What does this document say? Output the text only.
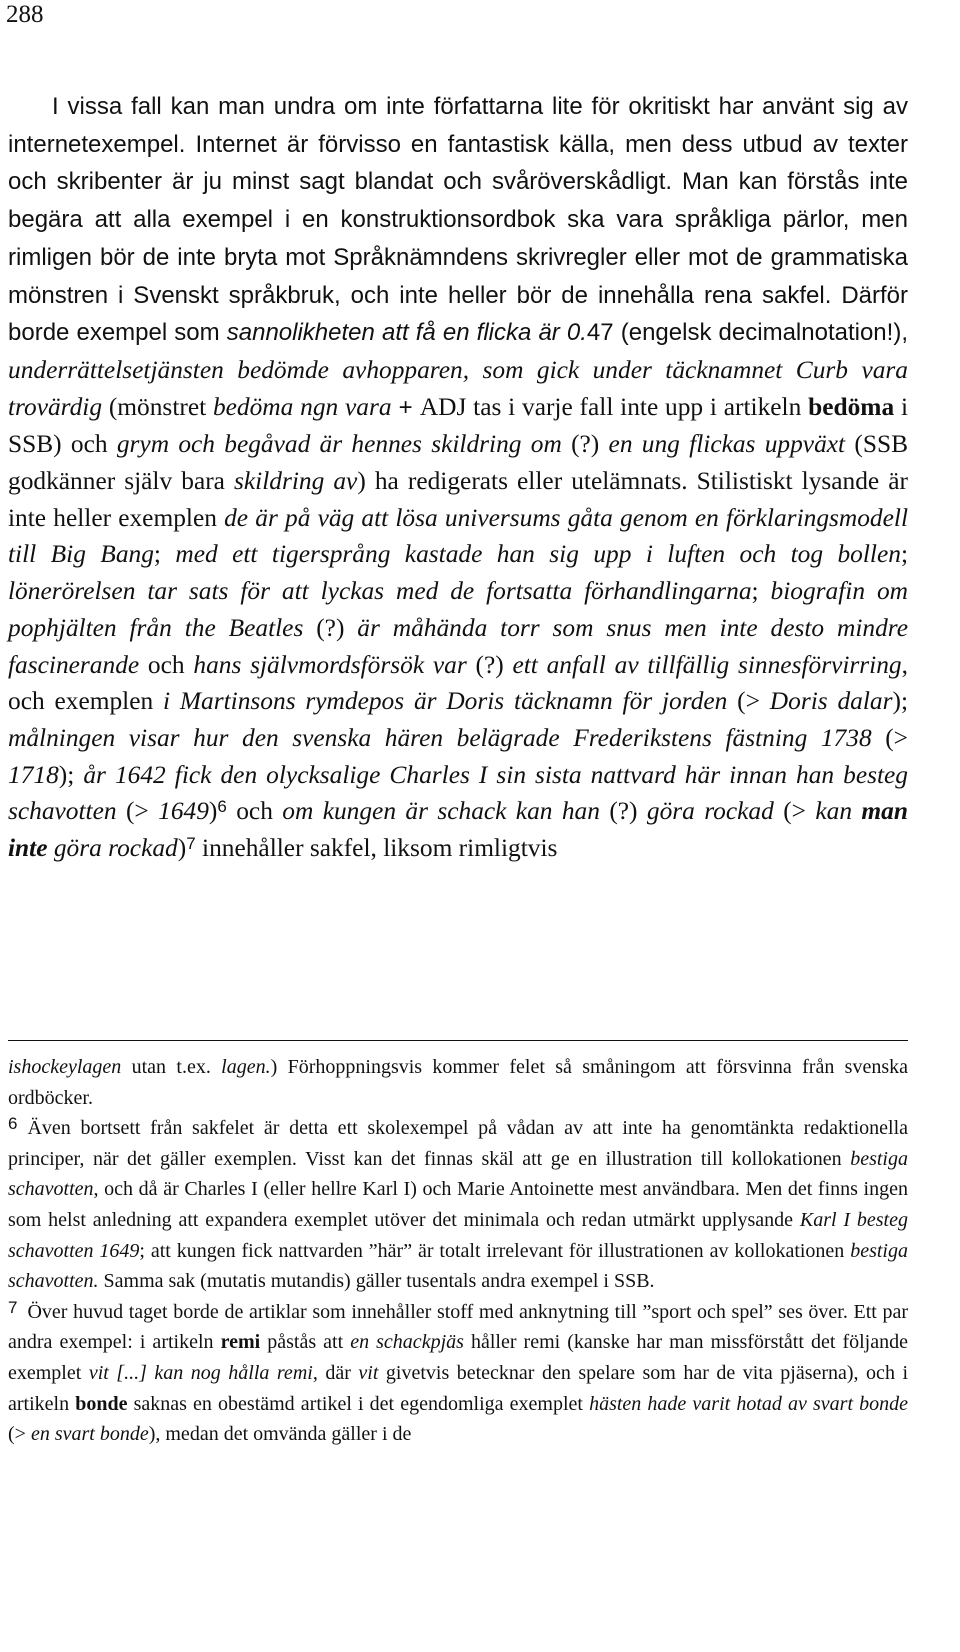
288

I vissa fall kan man undra om inte författarna lite för okritiskt har använt sig av internetexempel. Internet är förvisso en fantastisk källa, men dess utbud av texter och skribenter är ju minst sagt blandat och svåröverskådligt. Man kan förstås inte begära att alla exempel i en konstruktionsordbok ska vara språkliga pärlor, men rimligen bör de inte bryta mot Språknämndens skrivregler eller mot de grammatiska mönstren i Svenskt språkbruk, och inte heller bör de innehålla rena sakfel. Därför borde exempel som sannolikheten att få en flicka är 0.47 (engelsk decimalnotation!), underrättelsetjänsten bedömde avhopparen, som gick under täcknamnet Curb vara trovärdig (mönstret bedöma ngn vara + ADJ tas i varje fall inte upp i artikeln bedöma i SSB) och grym och begåvad är hennes skildring om (?) en ung flickas uppväxt (SSB godkänner själv bara skildring av) ha redigerats eller utelämnats. Stilistiskt lysande är inte heller exemplen de är på väg att lösa universums gåta genom en förklaringsmodell till Big Bang; med ett tigersprång kastade han sig upp i luften och tog bollen; lönerörelsen tar sats för att lyckas med de fortsatta förhandlingarna; biografin om pophjälten från the Beatles (?) är måhända torr som snus men inte desto mindre fascinerande och hans självmordsförsök var (?) ett anfall av tillfällig sinnesförvirring, och exemplen i Martinsons rymdepos är Doris täcknamn för jorden (> Doris dalar); målningen visar hur den svenska hären belägrade Frederikstens fästning 1738 (> 1718); år 1642 fick den olycksalige Charles I sin sista nattvard här innan han besteg schavotten (> 1649)$^6$ och om kungen är schack kan han (?) göra rockad (> kan man inte göra rockad)$^7$ innehåller sakfel, liksom rimligtvis

ishockeylagen utan t.ex. lagen.) Förhoppningsvis kommer felet så småningom att försvinna från svenska ordböcker.

$^6$ Även bortsett från sakfelet är detta ett skolexempel på vådan av att inte ha genomtänkta redaktionella principer, när det gäller exemplen. Visst kan det finnas skäl att ge en illustration till kollokationen bestiga schavotten, och då är Charles I (eller hellre Karl I) och Marie Antoinette mest användbara. Men det finns ingen som helst anledning att expandera exemplet utöver det minimala och redan utmärkt upplysande Karl I besteg schavotten 1649; att kungen fick nattvarden ”här” är totalt irrelevant för illustrationen av kollokationen bestiga schavotten. Samma sak (mutatis mutandis) gäller tusentals andra exempel i SSB.

$^7$ Över huvud taget borde de artiklar som innehåller stoff med anknytning till ”sport och spel” ses över. Ett par andra exempel: i artikeln remi påstås att en schackpjäs håller remi (kanske har man missförstått det följande exemplet vit [...] kan nog hålla remi, där vit givetvis betecknar den spelare som har de vita pjäserna), och i artikeln bonde saknas en obestämd artikel i det egendomliga exemplet hästen hade varit hotad av svart bonde (> en svart bonde), medan det omvända gäller i de
